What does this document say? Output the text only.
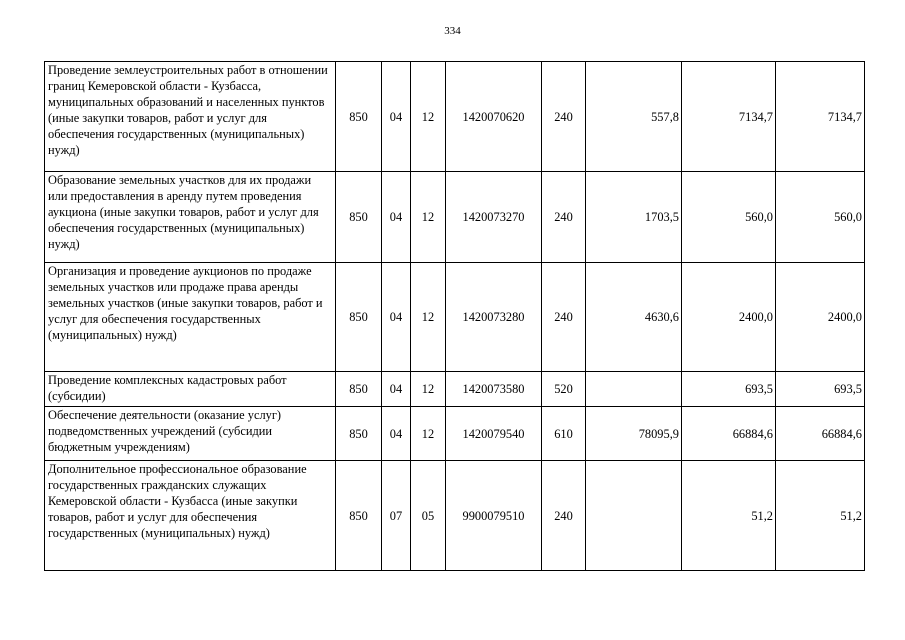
334
Проведение землеустроительных работ в отношении границ Кемеровской области - Кузбасса, муниципальных образований и населенных пунктов (иные закупки товаров, работ и услуг для обеспечения государственных (муниципальных) нужд)	850	04	12	1420070620	240	557,8	7134,7	7134,7
Образование земельных участков для их продажи или предоставления в аренду путем проведения аукциона (иные закупки товаров, работ и услуг для обеспечения государственных (муниципальных) нужд)	850	04	12	1420073270	240	1703,5	560,0	560,0
Организация и проведение аукционов по продаже земельных участков или продаже права аренды земельных участков (иные закупки товаров, работ и услуг для обеспечения государственных (муниципальных) нужд)	850	04	12	1420073280	240	4630,6	2400,0	2400,0
Проведение комплексных кадастровых работ (субсидии)	850	04	12	1420073580	520		693,5	693,5
Обеспечение деятельности (оказание услуг) подведомственных учреждений (субсидии бюджетным учреждениям)	850	04	12	1420079540	610	78095,9	66884,6	66884,6
Дополнительное профессиональное образование государственных гражданских служащих Кемеровской области - Кузбасса (иные закупки товаров, работ и услуг для обеспечения государственных (муниципальных) нужд)	850	07	05	9900079510	240		51,2	51,2
